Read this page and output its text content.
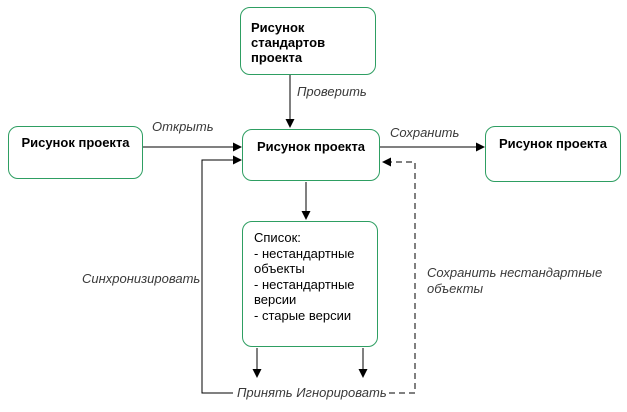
Рисунок
стандартов
проекта
Рисунок проекта	Рисунок проекта	Рисунок проекта
Список:
- нестандартные
объекты
- нестандартные
версии
- старые версии
Проверить
Открыть	Сохранить
Синхронизировать	Сохранить нестандартные
объекты
Принять Игнорировать
